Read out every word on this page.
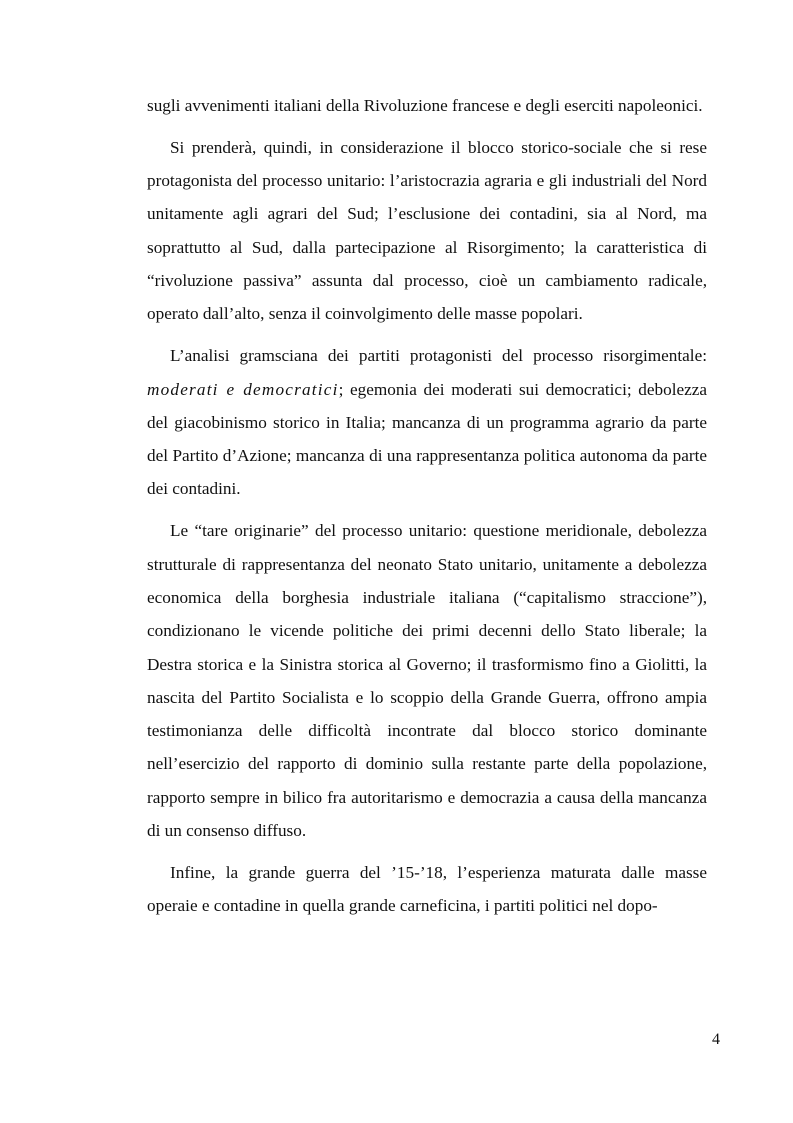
sugli avvenimenti italiani della Rivoluzione francese e degli eserciti napoleonici.

Si prenderà, quindi, in considerazione il blocco storico-sociale che si rese protagonista del processo unitario: l’aristocrazia agraria e gli industriali del Nord unitamente agli agrari del Sud; l’esclusione dei contadini, sia al Nord, ma soprattutto al Sud, dalla partecipazione al Risorgimento; la caratteristica di “rivoluzione passiva” assunta dal processo, cioè un cambiamento radicale, operato dall’alto, senza il coinvolgimento delle masse popolari.

L’analisi gramsciana dei partiti protagonisti del processo risorgimentale: moderati e democratici; egemonia dei moderati sui democratici; debolezza del giacobinismo storico in Italia; mancanza di un programma agrario da parte del Partito d’Azione; mancanza di una rappresentanza politica autonoma da parte dei contadini.

Le “tare originarie” del processo unitario: questione meridionale, debolezza strutturale di rappresentanza del neonato Stato unitario, unitamente a debolezza economica della borghesia industriale italiana (“capitalismo straccione”), condizionano le vicende politiche dei primi decenni dello Stato liberale; la Destra storica e la Sinistra storica al Governo; il trasformismo fino a Giolitti, la nascita del Partito Socialista e lo scoppio della Grande Guerra, offrono ampia testimonianza delle difficoltà incontrate dal blocco storico dominante nell’esercizio del rapporto di dominio sulla restante parte della popolazione, rapporto sempre in bilico fra autoritarismo e democrazia a causa della mancanza di un consenso diffuso.

Infine, la grande guerra del ’15-’18, l’esperienza maturata dalle masse operaie e contadine in quella grande carneficina, i partiti politici nel dopo-

4
